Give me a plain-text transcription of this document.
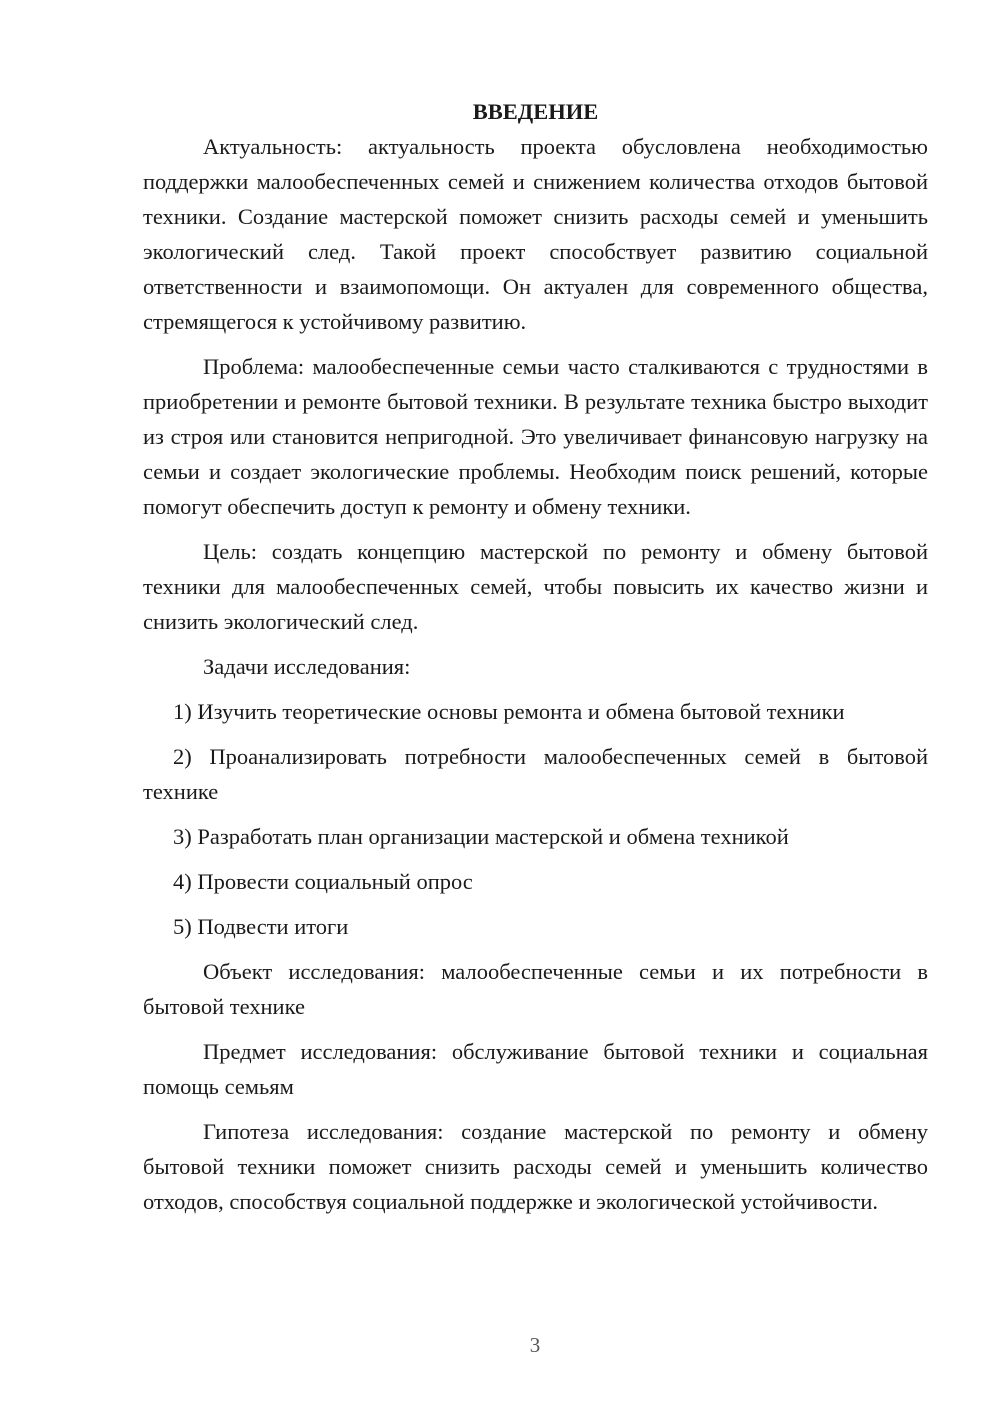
ВВЕДЕНИЕ

Актуальность: актуальность проекта обусловлена необходимостью поддержки малообеспеченных семей и снижением количества отходов бытовой техники. Создание мастерской поможет снизить расходы семей и уменьшить экологический след. Такой проект способствует развитию социальной ответственности и взаимопомощи. Он актуален для современного общества, стремящегося к устойчивому развитию.

Проблема: малообеспеченные семьи часто сталкиваются с трудностями в приобретении и ремонте бытовой техники. В результате техника быстро выходит из строя или становится непригодной. Это увеличивает финансовую нагрузку на семьи и создает экологические проблемы. Необходим поиск решений, которые помогут обеспечить доступ к ремонту и обмену техники.

Цель: создать концепцию мастерской по ремонту и обмену бытовой техники для малообеспеченных семей, чтобы повысить их качество жизни и снизить экологический след.

Задачи исследования:

1) Изучить теоретические основы ремонта и обмена бытовой техники

2) Проанализировать потребности малообеспеченных семей в бытовой технике

3) Разработать план организации мастерской и обмена техникой

4) Провести социальный опрос

5) Подвести итоги

Объект исследования: малообеспеченные семьи и их потребности в бытовой технике

Предмет исследования: обслуживание бытовой техники и социальная помощь семьям

Гипотеза исследования: создание мастерской по ремонту и обмену бытовой техники поможет снизить расходы семей и уменьшить количество отходов, способствуя социальной поддержке и экологической устойчивости.

3
